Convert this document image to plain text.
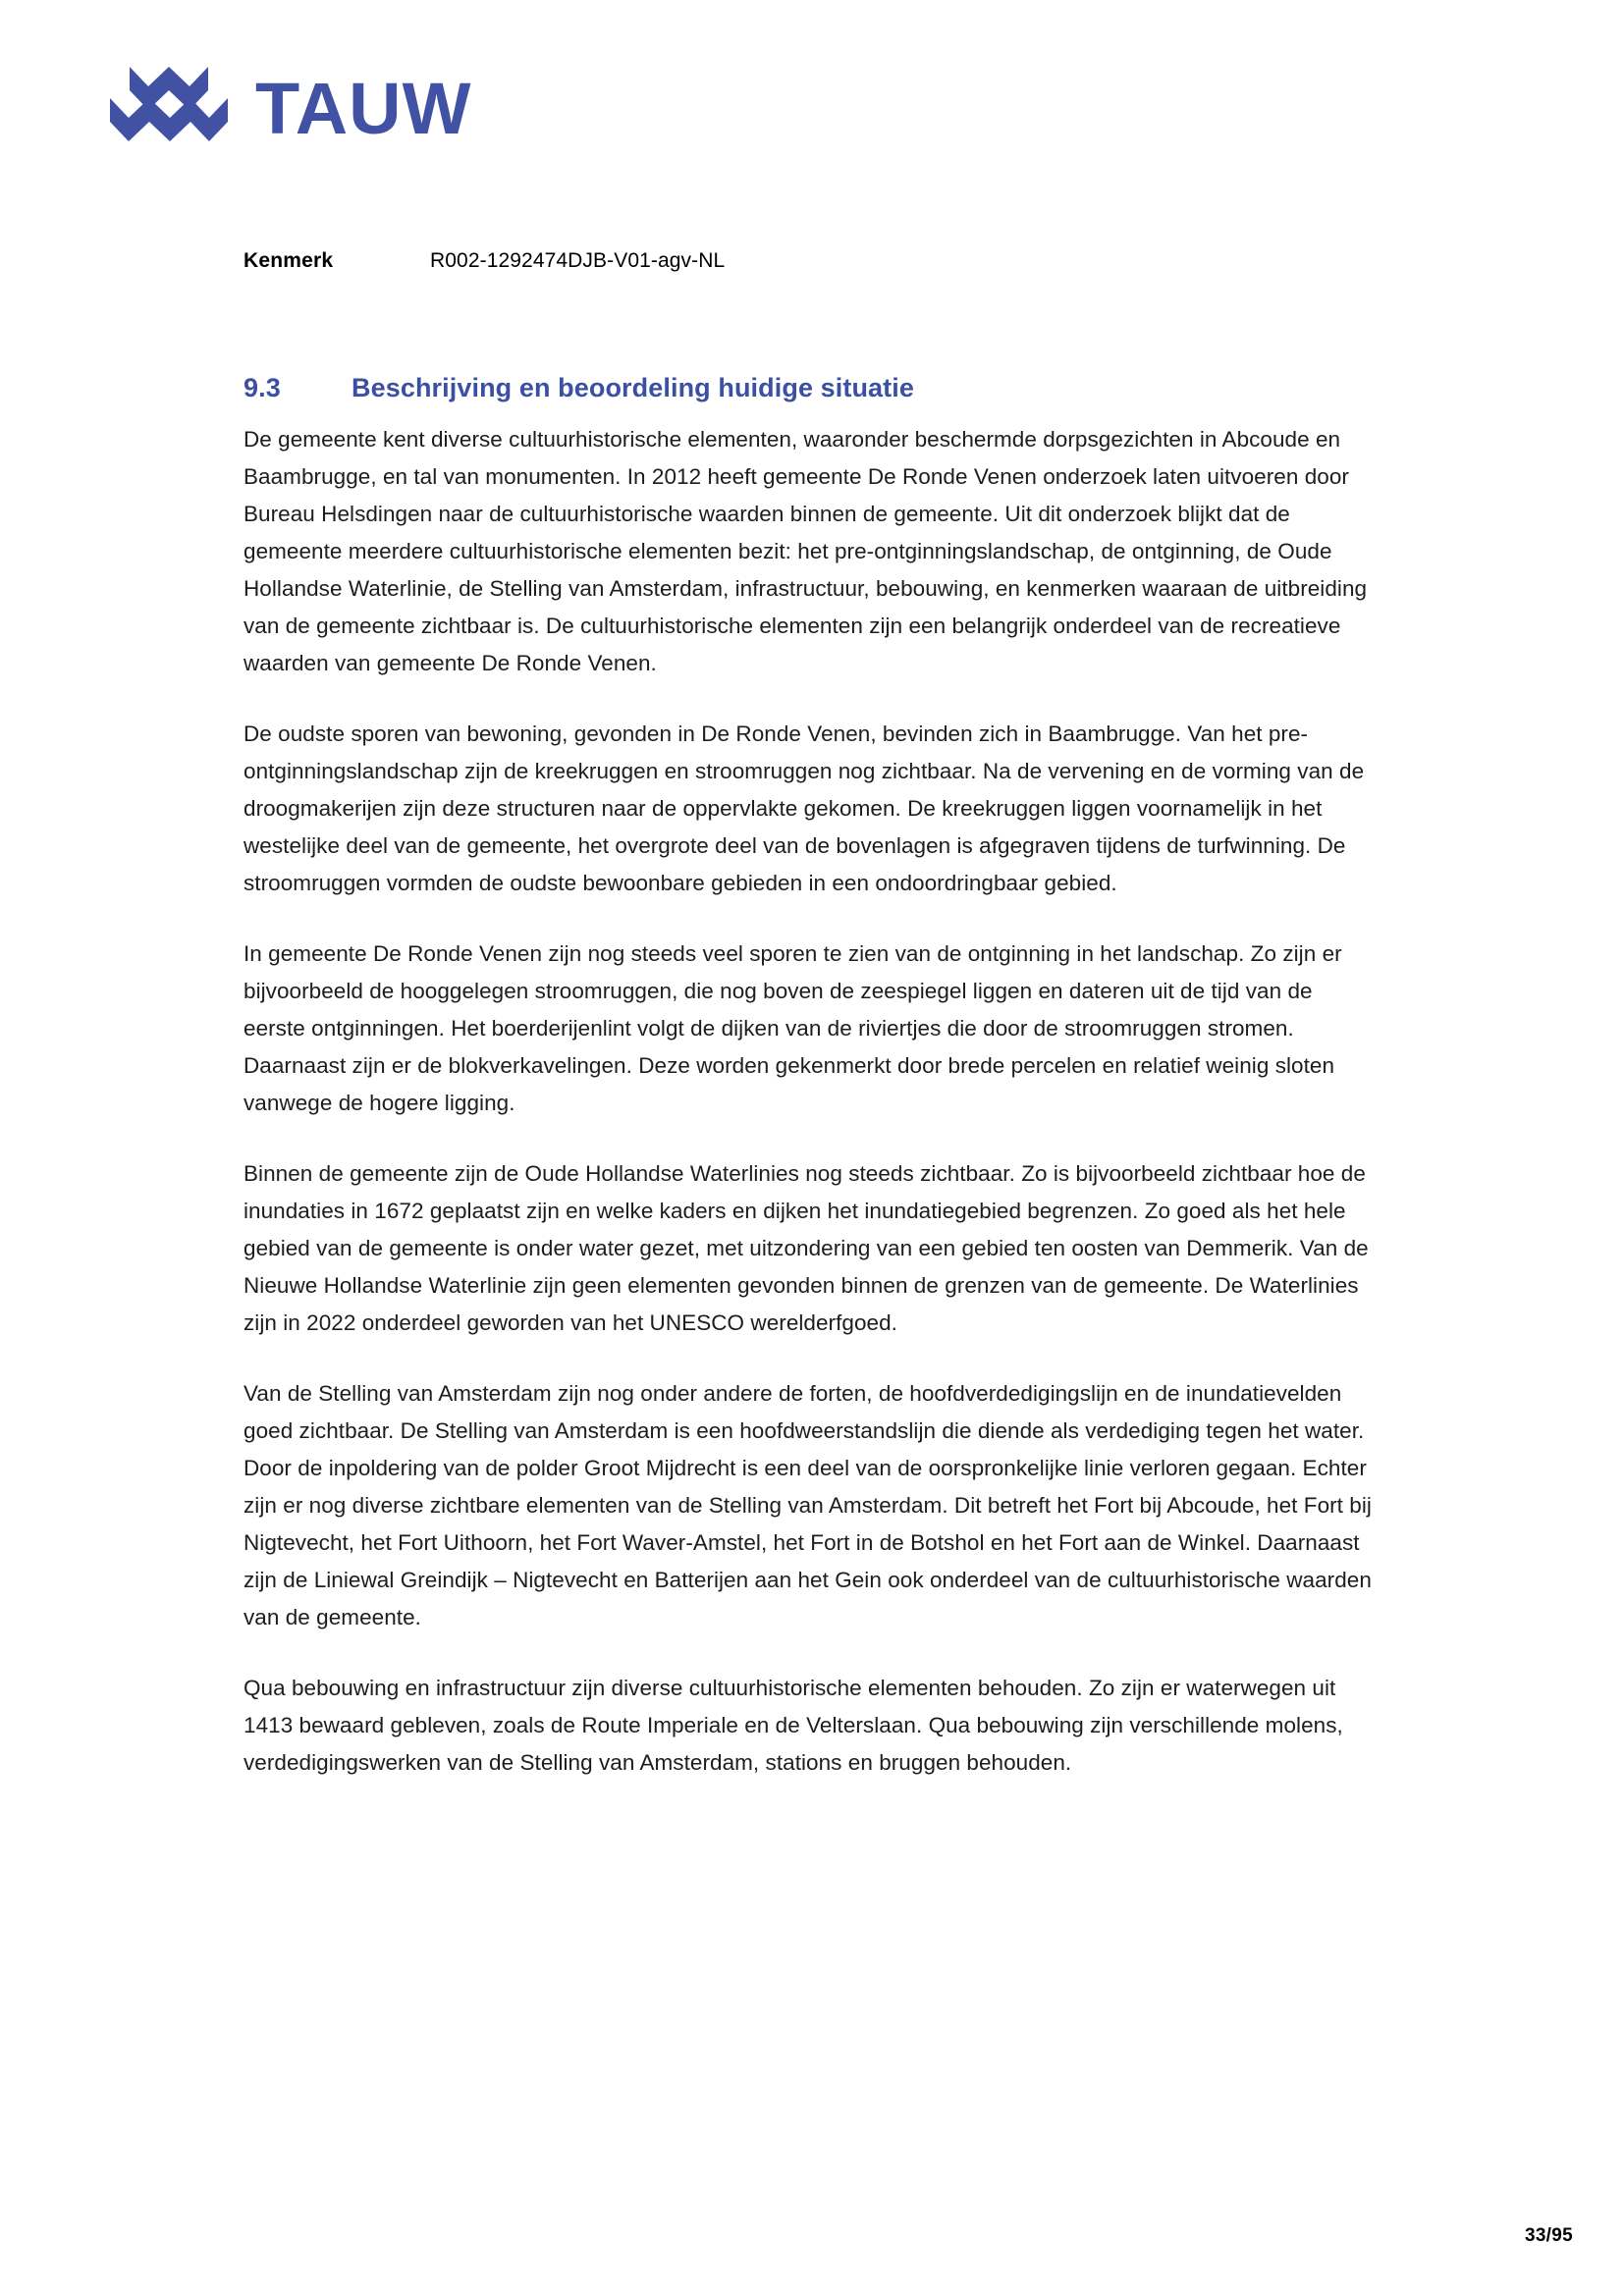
TAUW
Kenmerk	R002-1292474DJB-V01-agv-NL
9.3	Beschrijving en beoordeling huidige situatie

De gemeente kent diverse cultuurhistorische elementen, waaronder beschermde dorpsgezichten in Abcoude en Baambrugge, en tal van monumenten. In 2012 heeft gemeente De Ronde Venen onderzoek laten uitvoeren door Bureau Helsdingen naar de cultuurhistorische waarden binnen de gemeente. Uit dit onderzoek blijkt dat de gemeente meerdere cultuurhistorische elementen bezit: het pre-ontginningslandschap, de ontginning, de Oude Hollandse Waterlinie, de Stelling van Amsterdam, infrastructuur, bebouwing, en kenmerken waaraan de uitbreiding van de gemeente zichtbaar is. De cultuurhistorische elementen zijn een belangrijk onderdeel van de recreatieve waarden van gemeente De Ronde Venen.

De oudste sporen van bewoning, gevonden in De Ronde Venen, bevinden zich in Baambrugge. Van het pre-ontginningslandschap zijn de kreekruggen en stroomruggen nog zichtbaar. Na de vervening en de vorming van de droogmakerijen zijn deze structuren naar de oppervlakte gekomen. De kreekruggen liggen voornamelijk in het westelijke deel van de gemeente, het overgrote deel van de bovenlagen is afgegraven tijdens de turfwinning. De stroomruggen vormden de oudste bewoonbare gebieden in een ondoordringbaar gebied.

In gemeente De Ronde Venen zijn nog steeds veel sporen te zien van de ontginning in het landschap. Zo zijn er bijvoorbeeld de hooggelegen stroomruggen, die nog boven de zeespiegel liggen en dateren uit de tijd van de eerste ontginningen. Het boerderijenlint volgt de dijken van de riviertjes die door de stroomruggen stromen. Daarnaast zijn er de blokverkavelingen. Deze worden gekenmerkt door brede percelen en relatief weinig sloten vanwege de hogere ligging.

Binnen de gemeente zijn de Oude Hollandse Waterlinies nog steeds zichtbaar. Zo is bijvoorbeeld zichtbaar hoe de inundaties in 1672 geplaatst zijn en welke kaders en dijken het inundatiegebied begrenzen. Zo goed als het hele gebied van de gemeente is onder water gezet, met uitzondering van een gebied ten oosten van Demmerik. Van de Nieuwe Hollandse Waterlinie zijn geen elementen gevonden binnen de grenzen van de gemeente. De Waterlinies zijn in 2022 onderdeel geworden van het UNESCO werelderfgoed.

Van de Stelling van Amsterdam zijn nog onder andere de forten, de hoofdverdedigingslijn en de inundatievelden goed zichtbaar. De Stelling van Amsterdam is een hoofdweerstandslijn die diende als verdediging tegen het water. Door de inpoldering van de polder Groot Mijdrecht is een deel van de oorspronkelijke linie verloren gegaan. Echter zijn er nog diverse zichtbare elementen van de Stelling van Amsterdam. Dit betreft het Fort bij Abcoude, het Fort bij Nigtevecht, het Fort Uithoorn, het Fort Waver-Amstel, het Fort in de Botshol en het Fort aan de Winkel. Daarnaast zijn de Liniewal Greindijk – Nigtevecht en Batterijen aan het Gein ook onderdeel van de cultuurhistorische waarden van de gemeente.

Qua bebouwing en infrastructuur zijn diverse cultuurhistorische elementen behouden. Zo zijn er waterwegen uit 1413 bewaard gebleven, zoals de Route Imperiale en de Velterslaan. Qua bebouwing zijn verschillende molens, verdedigingswerken van de Stelling van Amsterdam, stations en bruggen behouden.

33/95
